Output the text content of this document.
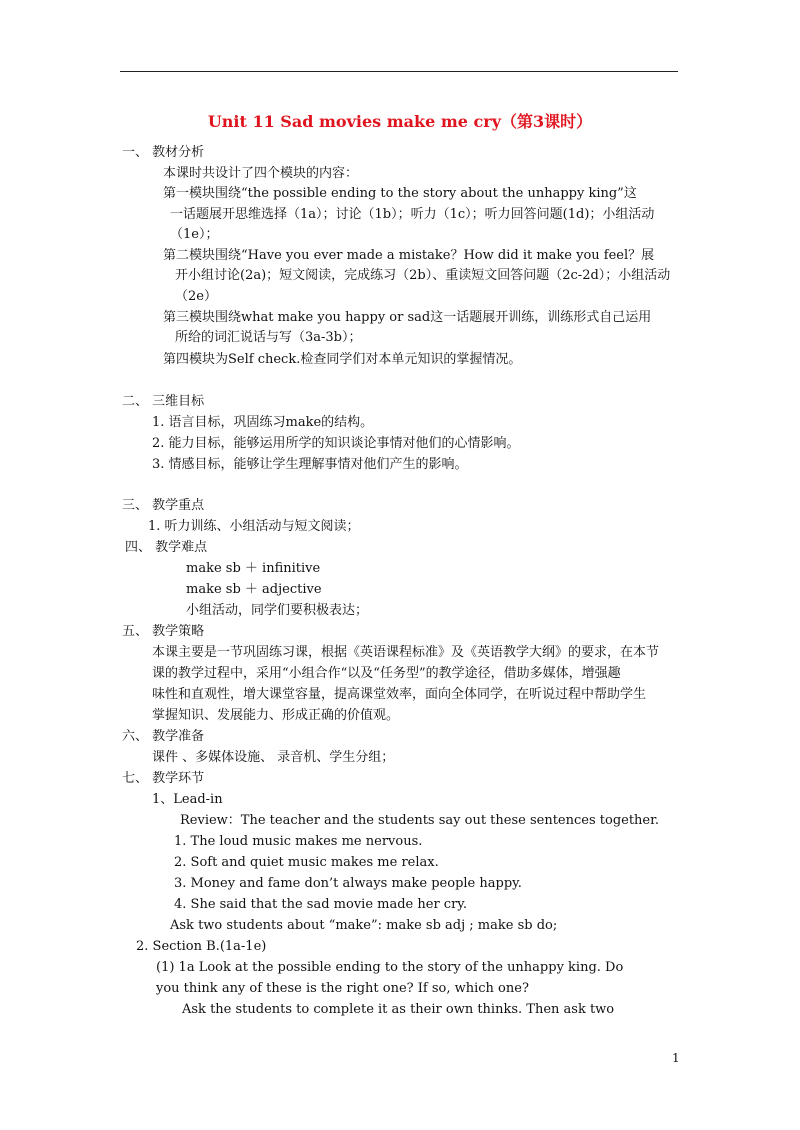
Unit 11 Sad movies make me cry（第3课时）
一、 教材分析
本课时共设计了四个模块的内容：
第一模块围绕“the possible ending to the story about the unhappy king”这
一话题展开思维选择（1a）；讨论（1b）；听力（1c）；听力回答问题(1d)；小组活动
（1e）；
第二模块围绕“Have you ever made a mistake？How did it make you feel？展
开小组讨论(2a)；短文阅读，完成练习（2b）、重读短文回答问题（2c-2d）；小组活动
（2e）
第三模块围绕what make you happy or sad这一话题展开训练，训练形式自己运用
所给的词汇说话与写（3a-3b）；
第四模块为Self check.检查同学们对本单元知识的掌握情况。
二、 三维目标
1. 语言目标，巩固练习make的结构。
2. 能力目标，能够运用所学的知识谈论事情对他们的心情影响。
3. 情感目标，能够让学生理解事情对他们产生的影响。
三、 教学重点
1. 听力训练、小组活动与短文阅读；
四、 教学难点
make sb ＋ infinitive
make sb ＋ adjective
小组活动，同学们要积极表达；
五、 教学策略
本课主要是一节巩固练习课，根据《英语课程标准》及《英语教学大纲》的要求，在本节
课的教学过程中，采用“小组合作“以及“任务型”的教学途径，借助多媒体，增强趣
味性和直观性，增大课堂容量，提高课堂效率，面向全体同学，在听说过程中帮助学生
掌握知识、发展能力、形成正确的价值观。
六、 教学准备
课件 、多媒体设施、 录音机、学生分组；
七、 教学环节
1、Lead-in
Review：The teacher and the students say out these sentences together.
1. The loud music makes me nervous.
2. Soft and quiet music makes me relax.
3. Money and fame don’t always make people happy.
4. She said that the sad movie made her cry.
Ask two students about “make”: make sb adj ; make sb do;
2. Section B.(1a-1e)
(1) 1a Look at the possible ending to the story of the unhappy king. Do
you think any of these is the right one? If so, which one?
Ask the students to complete it as their own thinks. Then ask two
1
